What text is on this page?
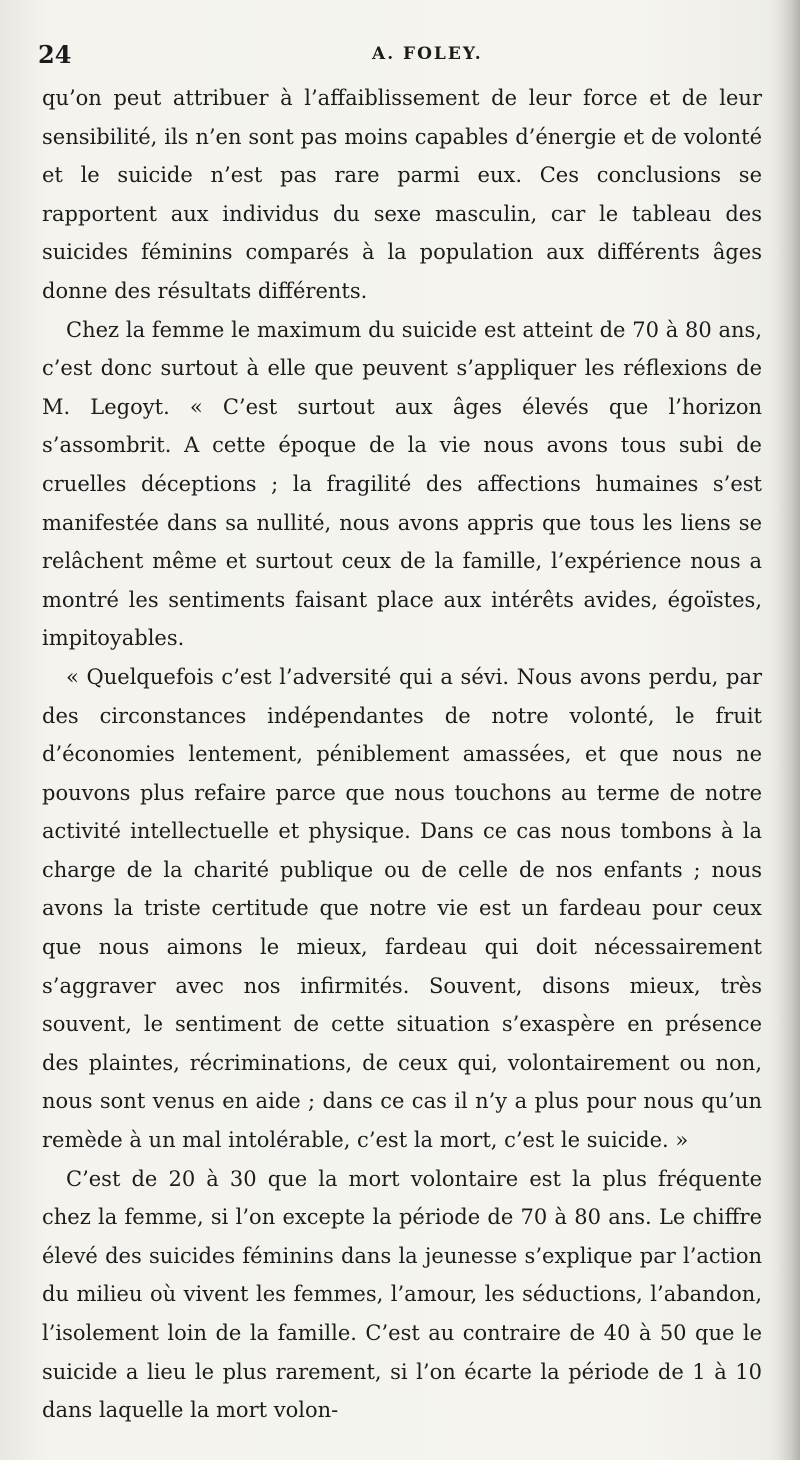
24	A. FOLEY.

qu’on peut attribuer à l’affaiblissement de leur force et de leur sensibilité, ils n’en sont pas moins capables d’énergie et de volonté et le suicide n’est pas rare parmi eux. Ces conclusions se rapportent aux individus du sexe masculin, car le tableau des suicides féminins comparés à la population aux différents âges donne des résultats différents.

Chez la femme le maximum du suicide est atteint de 70 à 80 ans, c’est donc surtout à elle que peuvent s’appliquer les réflexions de M. Legoyt. « C’est surtout aux âges élevés que l’horizon s’assombrit. A cette époque de la vie nous avons tous subi de cruelles déceptions ; la fragilité des affections humaines s’est manifestée dans sa nullité, nous avons appris que tous les liens se relâchent même et surtout ceux de la famille, l’expérience nous a montré les sentiments faisant place aux intérêts avides, égoïstes, impitoyables.

« Quelquefois c’est l’adversité qui a sévi. Nous avons perdu, par des circonstances indépendantes de notre volonté, le fruit d’économies lentement, péniblement amassées, et que nous ne pouvons plus refaire parce que nous touchons au terme de notre activité intellectuelle et physique. Dans ce cas nous tombons à la charge de la charité publique ou de celle de nos enfants ; nous avons la triste certitude que notre vie est un fardeau pour ceux que nous aimons le mieux, fardeau qui doit nécessairement s’aggraver avec nos infirmités. Souvent, disons mieux, très souvent, le sentiment de cette situation s’exaspère en présence des plaintes, récriminations, de ceux qui, volontairement ou non, nous sont venus en aide ; dans ce cas il n’y a plus pour nous qu’un remède à un mal intolérable, c’est la mort, c’est le suicide. »

C’est de 20 à 30 que la mort volontaire est la plus fréquente chez la femme, si l’on excepte la période de 70 à 80 ans. Le chiffre élevé des suicides féminins dans la jeunesse s’explique par l’action du milieu où vivent les femmes, l’amour, les séductions, l’abandon, l’isolement loin de la famille. C’est au contraire de 40 à 50 que le suicide a lieu le plus rarement, si l’on écarte la période de 1 à 10 dans laquelle la mort volon-
